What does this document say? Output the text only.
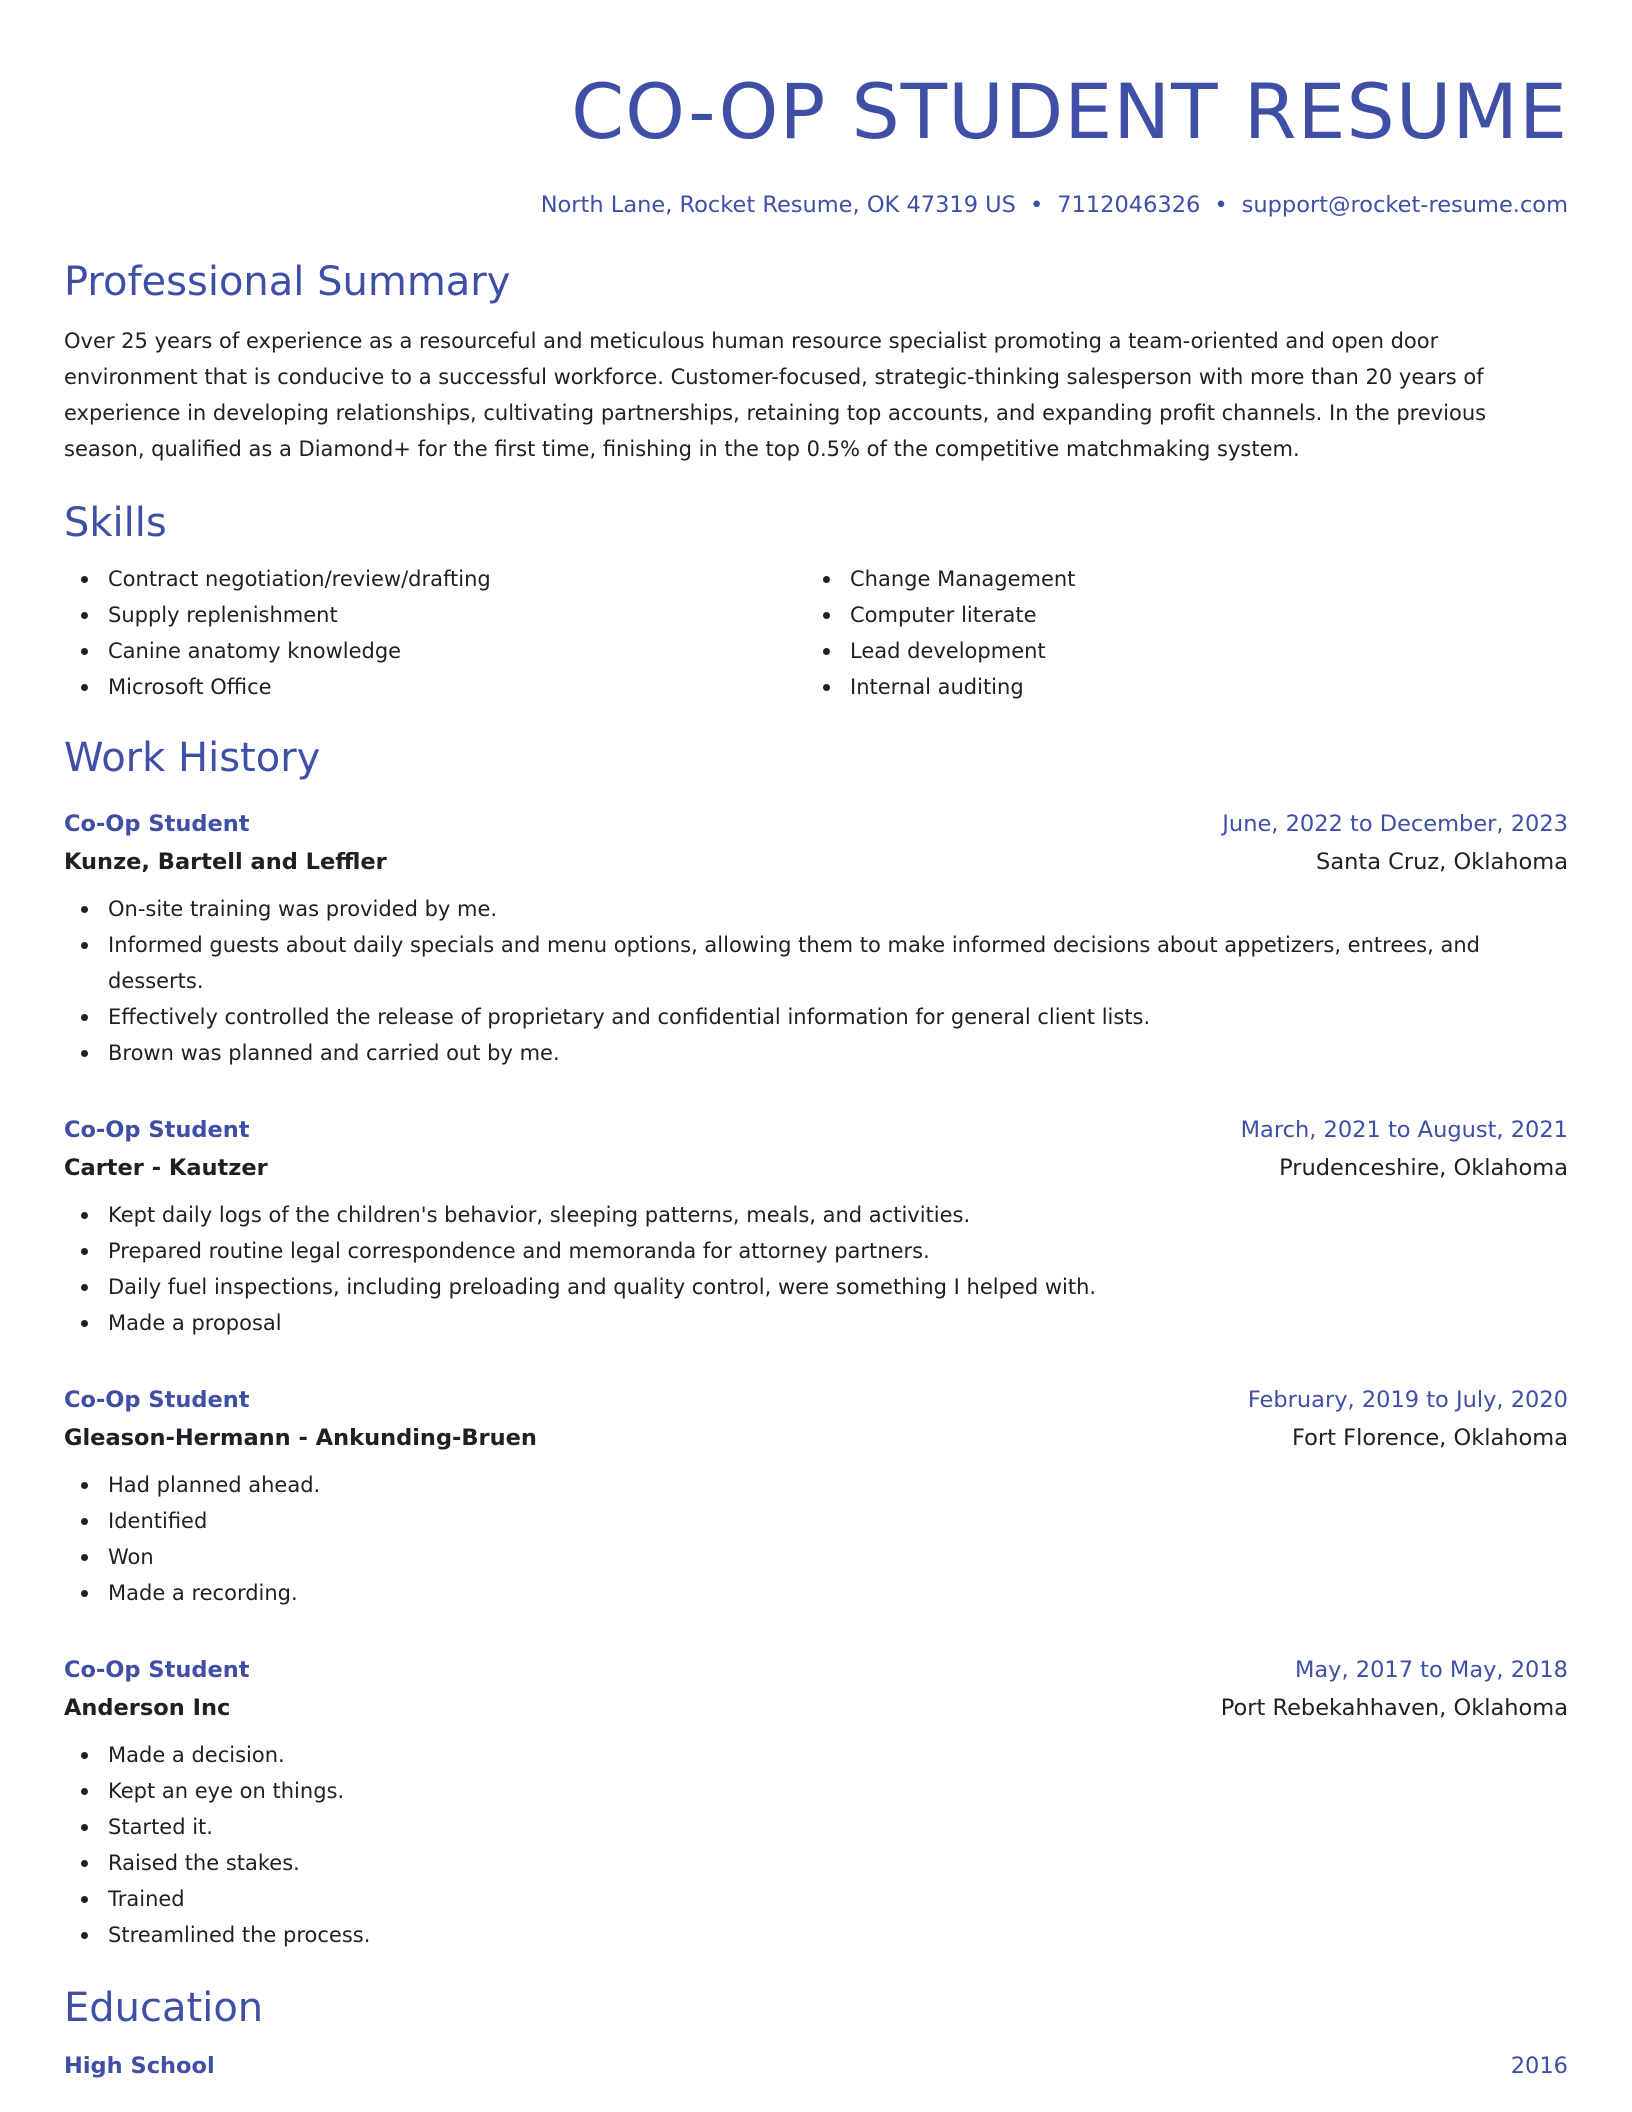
CO-OP STUDENT RESUME
North Lane, Rocket Resume, OK 47319 US • 7112046326 • support@rocket-resume.com
Professional Summary
Over 25 years of experience as a resourceful and meticulous human resource specialist promoting a team-oriented and open door environment that is conducive to a successful workforce. Customer-focused, strategic-thinking salesperson with more than 20 years of experience in developing relationships, cultivating partnerships, retaining top accounts, and expanding profit channels. In the previous season, qualified as a Diamond+ for the first time, finishing in the top 0.5% of the competitive matchmaking system.
Skills
Contract negotiation/review/drafting
Supply replenishment
Canine anatomy knowledge
Microsoft Office
Change Management
Computer literate
Lead development
Internal auditing
Work History
Co-Op Student	June, 2022 to December, 2023
Kunze, Bartell and Leffler	Santa Cruz, Oklahoma
On-site training was provided by me.
Informed guests about daily specials and menu options, allowing them to make informed decisions about appetizers, entrees, and desserts.
Effectively controlled the release of proprietary and confidential information for general client lists.
Brown was planned and carried out by me.
Co-Op Student	March, 2021 to August, 2021
Carter - Kautzer	Prudenceshire, Oklahoma
Kept daily logs of the children's behavior, sleeping patterns, meals, and activities.
Prepared routine legal correspondence and memoranda for attorney partners.
Daily fuel inspections, including preloading and quality control, were something I helped with.
Made a proposal
Co-Op Student	February, 2019 to July, 2020
Gleason-Hermann - Ankunding-Bruen	Fort Florence, Oklahoma
Had planned ahead.
Identified
Won
Made a recording.
Co-Op Student	May, 2017 to May, 2018
Anderson Inc	Port Rebekahhaven, Oklahoma
Made a decision.
Kept an eye on things.
Started it.
Raised the stakes.
Trained
Streamlined the process.
Education
High School	2016
